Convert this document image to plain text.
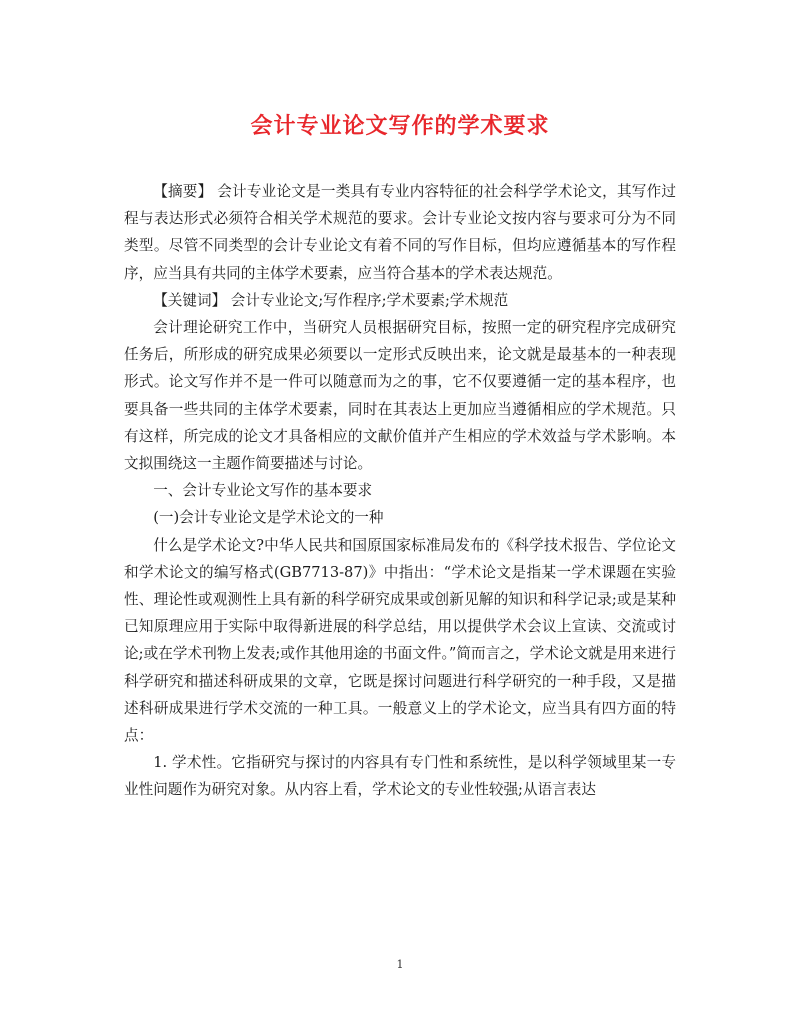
会计专业论文写作的学术要求

【摘要】 会计专业论文是一类具有专业内容特征的社会科学学术论文，其写作过程与表达形式必须符合相关学术规范的要求。会计专业论文按内容与要求可分为不同类型。尽管不同类型的会计专业论文有着不同的写作目标，但均应遵循基本的写作程序，应当具有共同的主体学术要素，应当符合基本的学术表达规范。

【关键词】 会计专业论文;写作程序;学术要素;学术规范

会计理论研究工作中，当研究人员根据研究目标，按照一定的研究程序完成研究任务后，所形成的研究成果必须要以一定形式反映出来，论文就是最基本的一种表现形式。论文写作并不是一件可以随意而为之的事，它不仅要遵循一定的基本程序，也要具备一些共同的主体学术要素，同时在其表达上更加应当遵循相应的学术规范。只有这样，所完成的论文才具备相应的文献价值并产生相应的学术效益与学术影响。本文拟围绕这一主题作简要描述与讨论。

一、会计专业论文写作的基本要求

(一)会计专业论文是学术论文的一种

什么是学术论文?中华人民共和国原国家标准局发布的《科学技术报告、学位论文和学术论文的编写格式(GB7713-87)》中指出：“学术论文是指某一学术课题在实验性、理论性或观测性上具有新的科学研究成果或创新见解的知识和科学记录;或是某种已知原理应用于实际中取得新进展的科学总结，用以提供学术会议上宣读、交流或讨论;或在学术刊物上发表;或作其他用途的书面文件。”简而言之，学术论文就是用来进行科学研究和描述科研成果的文章，它既是探讨问题进行科学研究的一种手段，又是描述科研成果进行学术交流的一种工具。一般意义上的学术论文，应当具有四方面的特点：

1. 学术性。它指研究与探讨的内容具有专门性和系统性，是以科学领域里某一专业性问题作为研究对象。从内容上看，学术论文的专业性较强;从语言表达

1
